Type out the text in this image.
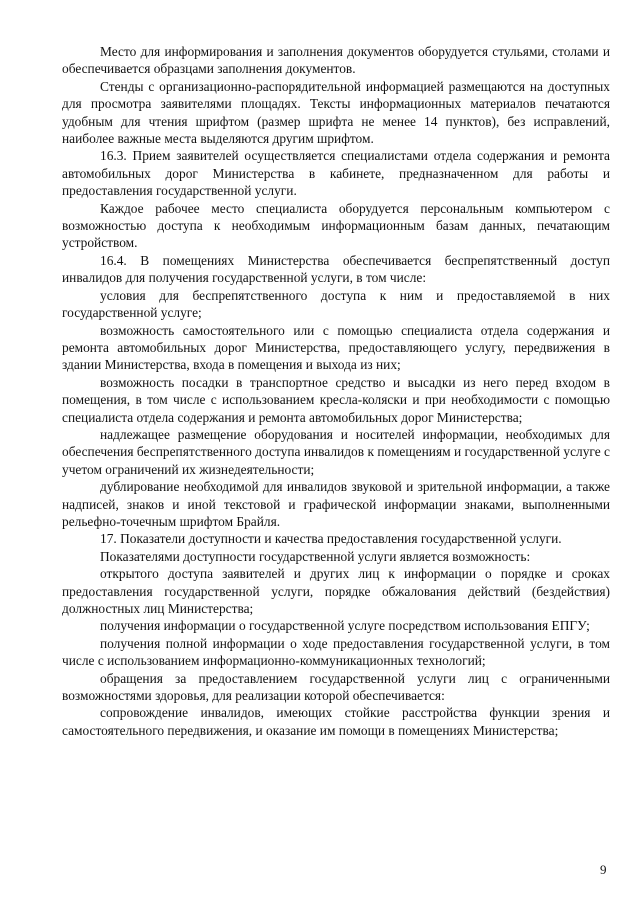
Место для информирования и заполнения документов оборудуется стульями, столами и обеспечивается образцами заполнения документов.

Стенды с организационно-распорядительной информацией размещаются на доступных для просмотра заявителями площадях. Тексты информационных материалов печатаются удобным для чтения шрифтом (размер шрифта не менее 14 пунктов), без исправлений, наиболее важные места выделяются другим шрифтом.

16.3. Прием заявителей осуществляется специалистами отдела содержания и ремонта автомобильных дорог Министерства в кабинете, предназначенном для работы и предоставления государственной услуги.

Каждое рабочее место специалиста оборудуется персональным компьютером с возможностью доступа к необходимым информационным базам данных, печатающим устройством.

16.4. В помещениях Министерства обеспечивается беспрепятственный доступ инвалидов для получения государственной услуги, в том числе:

условия для беспрепятственного доступа к ним и предоставляемой в них государственной услуге;

возможность самостоятельного или с помощью специалиста отдела содержания и ремонта автомобильных дорог Министерства, предоставляющего услугу, передвижения в здании Министерства, входа в помещения и выхода из них;

возможность посадки в транспортное средство и высадки из него перед входом в помещения, в том числе с использованием кресла-коляски и при необходимости с помощью специалиста отдела содержания и ремонта автомобильных дорог Министерства;

надлежащее размещение оборудования и носителей информации, необходимых для обеспечения беспрепятственного доступа инвалидов к помещениям и государственной услуге с учетом ограничений их жизнедеятельности;

дублирование необходимой для инвалидов звуковой и зрительной информации, а также надписей, знаков и иной текстовой и графической информации знаками, выполненными рельефно-точечным шрифтом Брайля.

17. Показатели доступности и качества предоставления государственной услуги.

Показателями доступности государственной услуги является возможность:

открытого доступа заявителей и других лиц к информации о порядке и сроках предоставления государственной услуги, порядке обжалования действий (бездействия) должностных лиц Министерства;

получения информации о государственной услуге посредством использования ЕПГУ;

получения полной информации о ходе предоставления государственной услуги, в том числе с использованием информационно-коммуникационных технологий;

обращения за предоставлением государственной услуги лиц с ограниченными возможностями здоровья, для реализации которой обеспечивается:

сопровождение инвалидов, имеющих стойкие расстройства функции зрения и самостоятельного передвижения, и оказание им помощи в помещениях Министерства;

9
